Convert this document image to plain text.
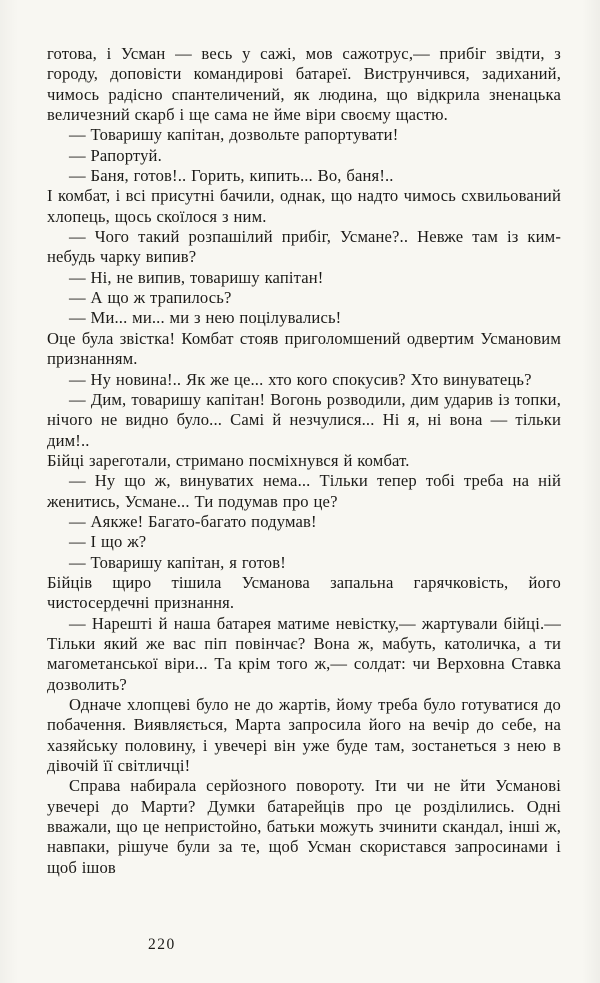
готова, і Усман — весь у сажі, мов сажотрус,— прибіг звідти, з городу, доповісти командирові батареї. Виструнчився, задиханий, чимось радісно спантеличений, як людина, що відкрила зненацька величезний скарб і ще сама не йме віри своєму щастю.

— Товаришу капітан, дозвольте рапортувати!

— Рапортуй.

— Баня, готов!.. Горить, кипить... Во, баня!..

І комбат, і всі присутні бачили, однак, що надто чимось схвильований хлопець, щось скоїлося з ним.

— Чого такий розпашілий прибіг, Усмане?.. Невже там із ким-небудь чарку випив?

— Ні, не випив, товаришу капітан!

— А що ж трапилось?

— Ми... ми... ми з нею поцілувались!

Оце була звістка! Комбат стояв приголомшений одвертим Усмановим признанням.

— Ну новина!.. Як же це... хто кого спокусив? Хто винуватець?

— Дим, товаришу капітан! Вогонь розводили, дим ударив із топки, нічого не видно було... Самі й незчулися... Ні я, ні вона — тільки дим!..

Бійці зареготали, стримано посміхнувся й комбат.

— Ну що ж, винуватих нема... Тільки тепер тобі треба на ній женитись, Усмане... Ти подумав про це?

— Аякже! Багато-багато подумав!

— І що ж?

— Товаришу капітан, я готов!

Бійців щиро тішила Усманова запальна гарячковість, його чистосердечні признання.

— Нарешті й наша батарея матиме невістку,— жартували бійці.— Тільки який же вас піп повінчає? Вона ж, мабуть, католичка, а ти магометанської віри... Та крім того ж,— солдат: чи Верховна Ставка дозволить?

Одначе хлопцеві було не до жартів, йому треба було готуватися до побачення. Виявляється, Марта запросила його на вечір до себе, на хазяйську половину, і увечері він уже буде там, зостанеться з нею в дівочій її світличці!

Справа набирала серйозного повороту. Іти чи не йти Усманові увечері до Марти? Думки батарейців про це розділились. Одні вважали, що це непристойно, батьки можуть зчинити скандал, інші ж, навпаки, рішуче були за те, щоб Усман скористався запросинами і щоб ішов

220
